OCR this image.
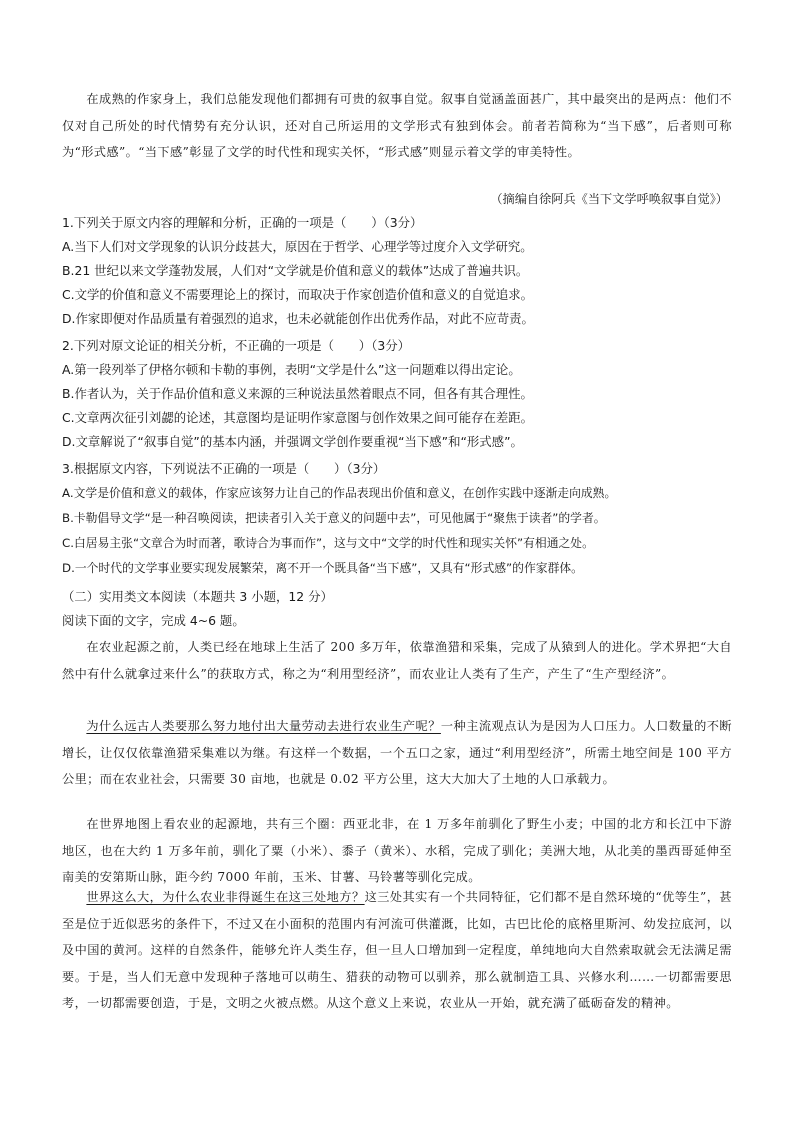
在成熟的作家身上，我们总能发现他们都拥有可贵的叙事自觉。叙事自觉涵盖面甚广，其中最突出的是两点：他们不仅对自己所处的时代情势有充分认识，还对自己所运用的文学形式有独到体会。前者若简称为“当下感”，后者则可称为“形式感”。“当下感”彰显了文学的时代性和现实关怀，“形式感”则显示着文学的审美特性。

（摘编自徐阿兵《当下文学呼唤叙事自觉》）

1.下列关于原文内容的理解和分析，正确的一项是（　　）（3分）

A.当下人们对文学现象的认识分歧甚大，原因在于哲学、心理学等过度介入文学研究。

B.21 世纪以来文学蓬勃发展，人们对“文学就是价值和意义的载体”达成了普遍共识。

C.文学的价值和意义不需要理论上的探讨，而取决于作家创造价值和意义的自觉追求。

D.作家即便对作品质量有着强烈的追求，也未必就能创作出优秀作品，对此不应苛责。

2.下列对原文论证的相关分析，不正确的一项是（　　）（3分）

A.第一段列举了伊格尔顿和卡勒的事例，表明“文学是什么”这一问题难以得出定论。

B.作者认为，关于作品价值和意义来源的三种说法虽然着眼点不同，但各有其合理性。

C.文章两次征引刘勰的论述，其意图均是证明作家意图与创作效果之间可能存在差距。

D.文章解说了“叙事自觉”的基本内涵，并强调文学创作要重视“当下感”和“形式感”。

3.根据原文内容，下列说法不正确的一项是（　　）（3分）

A.文学是价值和意义的载体，作家应该努力让自己的作品表现出价值和意义，在创作实践中逐渐走向成熟。

B.卡勒倡导文学“是一种召唤阅读，把读者引入关于意义的问题中去”，可见他属于“聚焦于读者”的学者。

C.白居易主张“文章合为时而著，歌诗合为事而作”，这与文中“文学的时代性和现实关怀”有相通之处。

D.一个时代的文学事业要实现发展繁荣，离不开一个既具备“当下感”，又具有“形式感”的作家群体。

（二）实用类文本阅读（本题共 3 小题，12 分）

阅读下面的文字，完成 4~6 题。

在农业起源之前，人类已经在地球上生活了 200 多万年，依靠渔猎和采集，完成了从猿到人的进化。学术界把“大自然中有什么就拿过来什么”的获取方式，称之为“利用型经济”，而农业让人类有了生产，产生了“生产型经济”。

为什么远古人类要那么努力地付出大量劳动去进行农业生产呢？一种主流观点认为是因为人口压力。人口数量的不断增长，让仅仅依靠渔猎采集难以为继。有这样一个数据，一个五口之家，通过“利用型经济”，所需土地空间是 100 平方公里；而在农业社会，只需要 30 亩地，也就是 0.02 平方公里，这大大加大了土地的人口承载力。

在世界地图上看农业的起源地，共有三个圈：西亚北非，在 1 万多年前驯化了野生小麦；中国的北方和长江中下游地区，也在大约 1 万多年前，驯化了粟（小米）、黍子（黄米）、水稻，完成了驯化；美洲大地，从北美的墨西哥延伸至南美的安第斯山脉，距今约 7000 年前，玉米、甘薯、马铃薯等驯化完成。

世界这么大，为什么农业非得诞生在这三处地方？这三处其实有一个共同特征，它们都不是自然环境的“优等生”，甚至是位于近似恶劣的条件下，不过又在小面积的范围内有河流可供灌溉，比如，古巴比伦的底格里斯河、幼发拉底河，以及中国的黄河。这样的自然条件，能够允许人类生存，但一旦人口增加到一定程度，单纯地向大自然索取就会无法满足需要。于是，当人们无意中发现种子落地可以萌生、猎获的动物可以驯养，那么就制造工具、兴修水利……一切都需要思考，一切都需要创造，于是，文明之火被点燃。从这个意义上来说，农业从一开始，就充满了砥砺奋发的精神。
